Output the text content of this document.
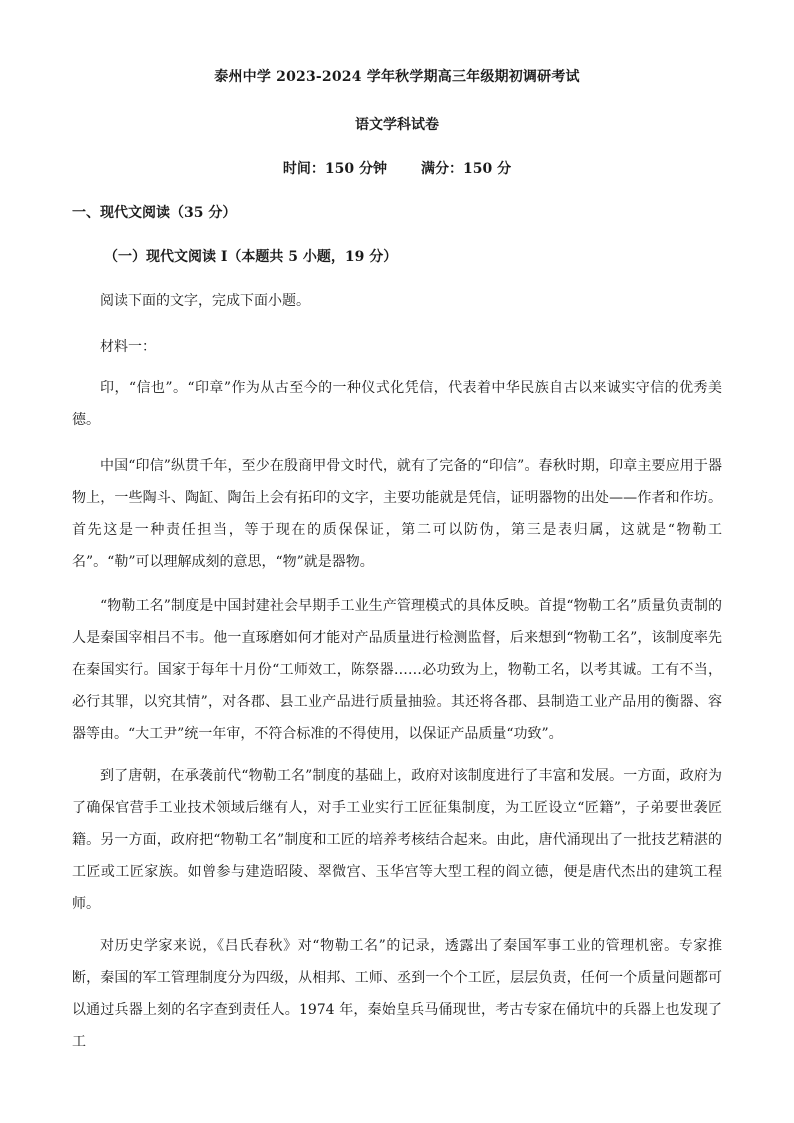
泰州中学 2023-2024 学年秋学期高三年级期初调研考试
语文学科试卷
时间：150 分钟 满分：150 分
一、现代文阅读（35 分）
（一）现代文阅读 I（本题共 5 小题，19 分）
阅读下面的文字，完成下面小题。
材料一：

印，“信也”。“印章”作为从古至今的一种仪式化凭信，代表着中华民族自古以来诚实守信的优秀美德。

中国“印信”纵贯千年，至少在殷商甲骨文时代，就有了完备的“印信”。春秋时期，印章主要应用于器物上，一些陶斗、陶缸、陶缶上会有拓印的文字，主要功能就是凭信，证明器物的出处——作者和作坊。首先这是一种责任担当，等于现在的质保保证，第二可以防伪，第三是表归属，这就是“物勒工名”。“勒”可以理解成刻的意思，“物”就是器物。

“物勒工名”制度是中国封建社会早期手工业生产管理模式的具体反映。首提“物勒工名”质量负责制的人是秦国宰相吕不韦。他一直琢磨如何才能对产品质量进行检测监督，后来想到“物勒工名”，该制度率先在秦国实行。国家于每年十月份“工师效工，陈祭器……必功致为上，物勒工名，以考其诚。工有不当，必行其罪，以究其情”，对各郡、县工业产品进行质量抽验。其还将各郡、县制造工业产品用的衡器、容器等由。“大工尹”统一年审，不符合标准的不得使用，以保证产品质量“功致”。

到了唐朝，在承袭前代“物勒工名”制度的基础上，政府对该制度进行了丰富和发展。一方面，政府为了确保官营手工业技术领域后继有人，对手工业实行工匠征集制度，为工匠设立“匠籍”，子弟要世袭匠籍。另一方面，政府把“物勒工名”制度和工匠的培养考核结合起来。由此，唐代涌现出了一批技艺精湛的工匠或工匠家族。如曾参与建造昭陵、翠微宫、玉华宫等大型工程的阎立德，便是唐代杰出的建筑工程师。

对历史学家来说，《吕氏春秋》对“物勒工名”的记录，透露出了秦国军事工业的管理机密。专家推断，秦国的军工管理制度分为四级，从相邦、工师、丞到一个个工匠，层层负责，任何一个质量问题都可以通过兵器上刻的名字查到责任人。1974 年，秦始皇兵马俑现世，考古专家在俑坑中的兵器上也发现了工
